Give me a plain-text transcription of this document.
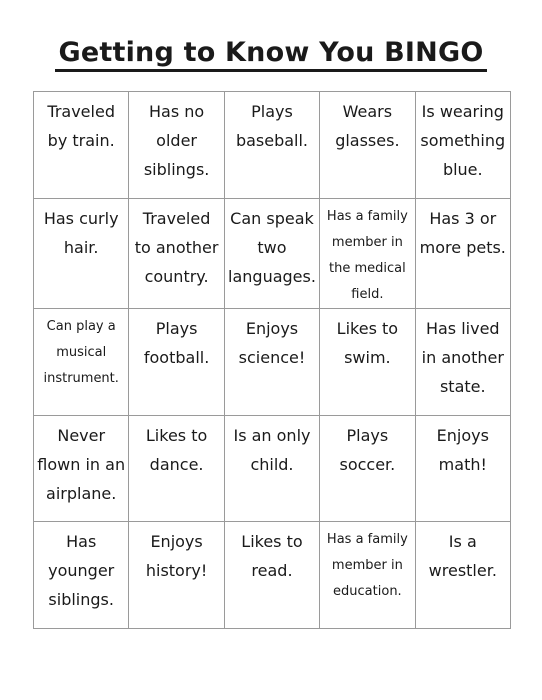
Getting to Know You BINGO
Traveled by train.	Has no older siblings.	Plays baseball.	Wears glasses.	Is wearing something blue.
Has curly hair.	Traveled to another country.	Can speak two languages.	Has a family member in the medical field.	Has 3 or more pets.
Can play a musical instrument.	Plays football.	Enjoys science!	Likes to swim.	Has lived in another state.
Never flown in an airplane.	Likes to dance.	Is an only child.	Plays soccer.	Enjoys math!
Has younger siblings.	Enjoys history!	Likes to read.	Has a family member in education.	Is a wrestler.
